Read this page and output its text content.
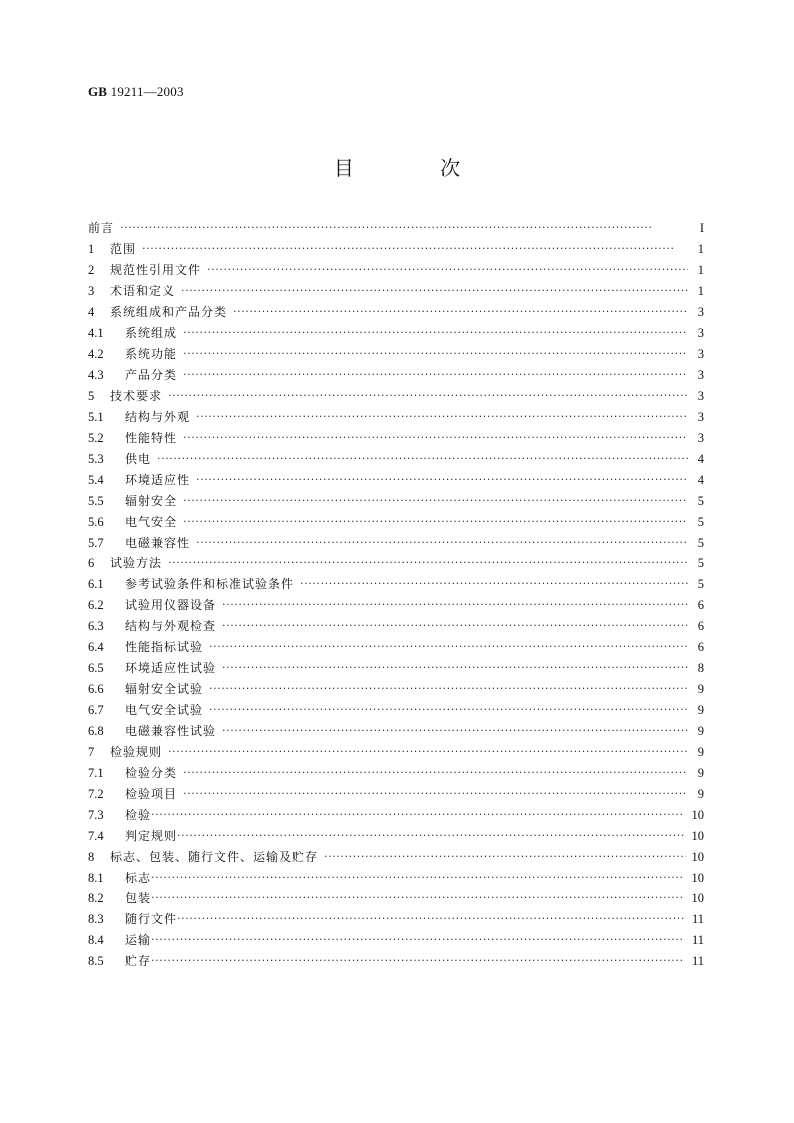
GB 19211—2003
目 次
前言 ·····	I
1	范围 ·····	1
2	规范性引用文件 ·····	1
3	术语和定义 ·····	1
4	系统组成和产品分类 ·····	3
4.1	系统组成 ·····	3
4.2	系统功能 ·····	3
4.3	产品分类 ·····	3
5	技术要求 ·····	3
5.1	结构与外观 ·····	3
5.2	性能特性 ·····	3
5.3	供电 ·····	4
5.4	环境适应性 ·····	4
5.5	辐射安全 ·····	5
5.6	电气安全 ·····	5
5.7	电磁兼容性 ·····	5
6	试验方法 ·····	5
6.1	参考试验条件和标准试验条件 ·····	5
6.2	试验用仪器设备 ·····	6
6.3	结构与外观检查 ·····	6
6.4	性能指标试验 ·····	6
6.5	环境适应性试验 ·····	8
6.6	辐射安全试验 ·····	9
6.7	电气安全试验 ·····	9
6.8	电磁兼容性试验 ·····	9
7	检验规则 ·····	9
7.1	检验分类 ·····	9
7.2	检验项目 ·····	9
7.3	检验 ·····	10
7.4	判定规则 ·····	10
8	标志、包装、随行文件、运输及贮存 ·····	10
8.1	标志 ·····	10
8.2	包装 ·····	10
8.3	随行文件 ·····	11
8.4	运输 ·····	11
8.5	贮存 ·····	11
